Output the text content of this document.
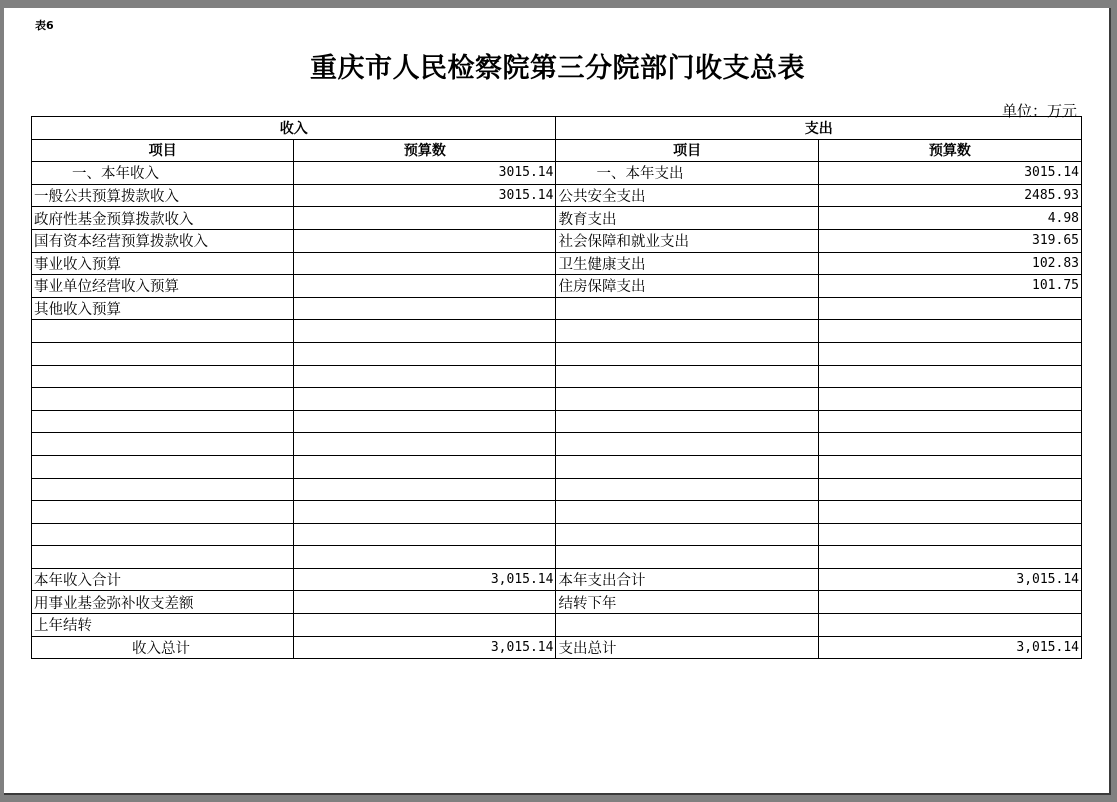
表6
重庆市人民检察院第三分院部门收支总表
单位：万元
收入		支出	
项目	预算数	项目	预算数
一、本年收入	3015.14	一、本年支出	3015.14
一般公共预算拨款收入	3015.14	公共安全支出	2485.93
政府性基金预算拨款收入		教育支出	4.98
国有资本经营预算拨款收入		社会保障和就业支出	319.65
事业收入预算		卫生健康支出	102.83
事业单位经营收入预算		住房保障支出	101.75
其他收入预算			

本年收入合计	3,015.14	本年支出合计	3,015.14
用事业基金弥补收支差额		结转下年	
上年结转			
收入总计	3,015.14	支出总计	3,015.14
